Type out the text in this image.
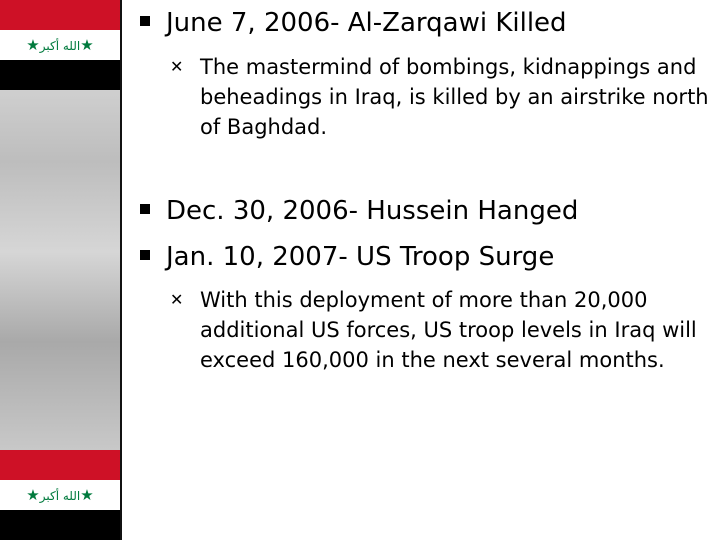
★الله أكبر★
★الله أكبر★
June 7, 2006- Al-Zarqawi Killed
✕ The mastermind of bombings, kidnappings and beheadings in Iraq, is killed by an airstrike north of Baghdad.
Dec. 30, 2006- Hussein Hanged
Jan. 10, 2007- US Troop Surge
✕ With this deployment of more than 20,000 additional US forces, US troop levels in Iraq will exceed 160,000 in the next several months.
